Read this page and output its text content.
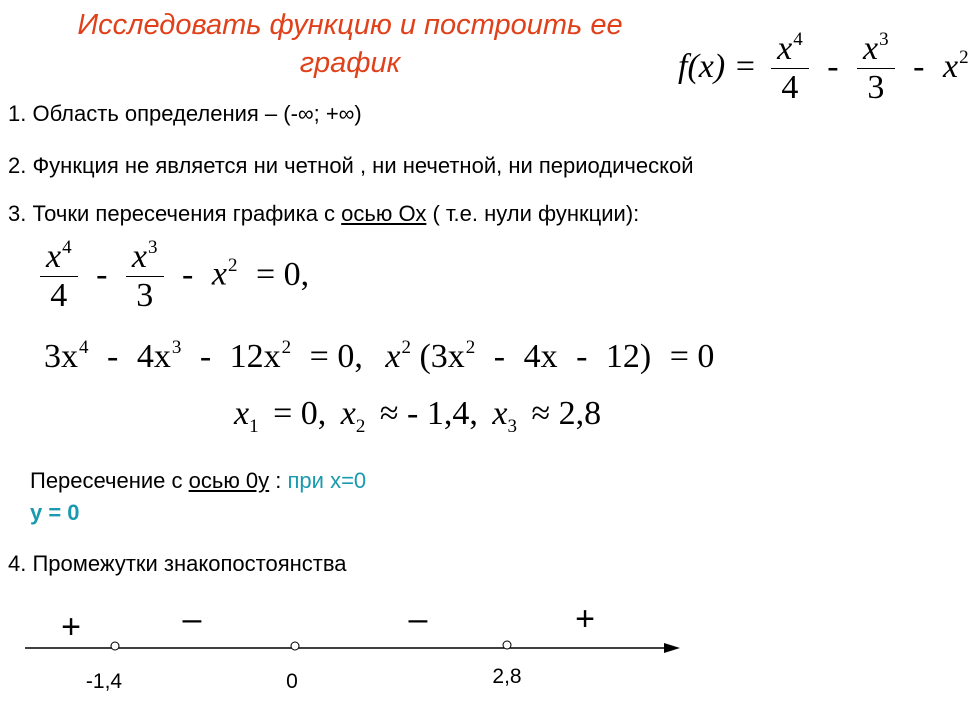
Исследовать функцию и построить ее
график	$f(x) = \frac{x^4}{4} - \frac{x^3}{3} - x^2$
1. Область определения – (-∞; +∞)
2. Функция не является ни четной , ни нечетной, ни периодической
3. Точки пересечения графика с осью Ох ( т.е. нули функции):
$\frac{x^4}{4} - \frac{x^3}{3} - x^2 = 0$,
$3x^4 - 4x^3 - 12x^2 = 0$, $x^2$ $(3x^2 - 4x - 12) = 0$
$x_1 = 0$, $x_2$ ≈ - 1,4, $x_3 \approx 2,8$
Пересечение с осью 0у : при х=0
у = 0
4. Промежутки знакопостоянства
+	–	–	+
-1,4	0	2,8
